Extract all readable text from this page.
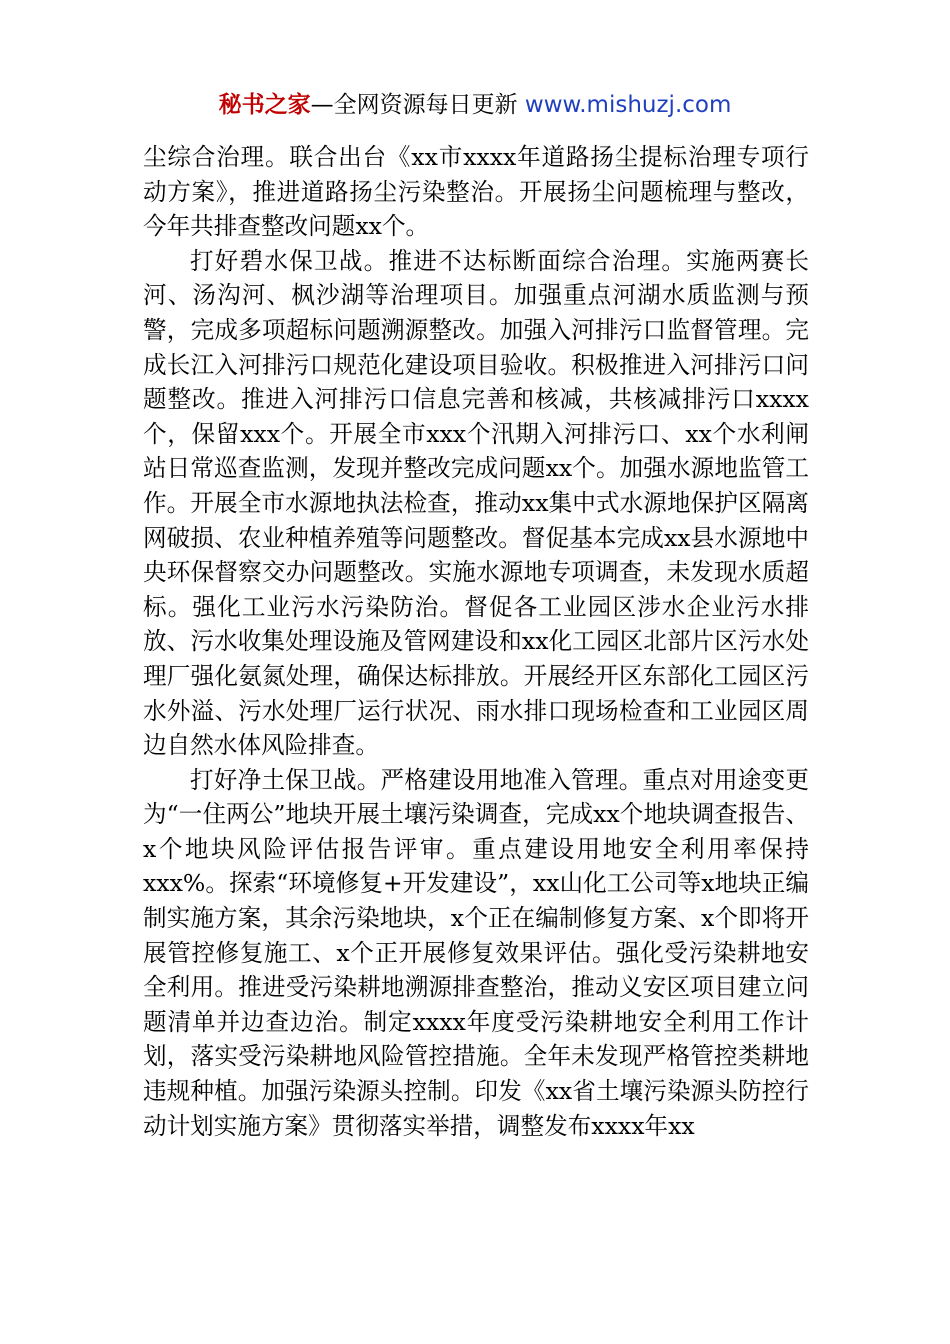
秘书之家—全网资源每日更新 www.mishuzj.com

尘综合治理。联合出台《xx市xxxx年道路扬尘提标治理专项行动方案》，推进道路扬尘污染整治。开展扬尘问题梳理与整改，今年共排查整改问题xx个。

打好碧水保卫战。推进不达标断面综合治理。实施两赛长河、汤沟河、枫沙湖等治理项目。加强重点河湖水质监测与预警，完成多项超标问题溯源整改。加强入河排污口监督管理。完成长江入河排污口规范化建设项目验收。积极推进入河排污口问题整改。推进入河排污口信息完善和核减，共核减排污口xxxx个，保留xxx个。开展全市xxx个汛期入河排污口、xx个水利闸站日常巡查监测，发现并整改完成问题xx个。加强水源地监管工作。开展全市水源地执法检查，推动xx集中式水源地保护区隔离网破损、农业种植养殖等问题整改。督促基本完成xx县水源地中央环保督察交办问题整改。实施水源地专项调查，未发现水质超标。强化工业污水污染防治。督促各工业园区涉水企业污水排放、污水收集处理设施及管网建设和xx化工园区北部片区污水处理厂强化氨氮处理，确保达标排放。开展经开区东部化工园区污水外溢、污水处理厂运行状况、雨水排口现场检查和工业园区周边自然水体风险排查。

打好净土保卫战。严格建设用地准入管理。重点对用途变更为“一住两公”地块开展土壤污染调查，完成xx个地块调查报告、x个地块风险评估报告评审。重点建设用地安全利用率保持xxx%。探索“环境修复+开发建设”，xx山化工公司等x地块正编制实施方案，其余污染地块，x个正在编制修复方案、x个即将开展管控修复施工、x个正开展修复效果评估。强化受污染耕地安全利用。推进受污染耕地溯源排查整治，推动义安区项目建立问题清单并边查边治。制定xxxx年度受污染耕地安全利用工作计划，落实受污染耕地风险管控措施。全年未发现严格管控类耕地违规种植。加强污染源头控制。印发《xx省土壤污染源头防控行动计划实施方案》贯彻落实举措，调整发布xxxx年xx
